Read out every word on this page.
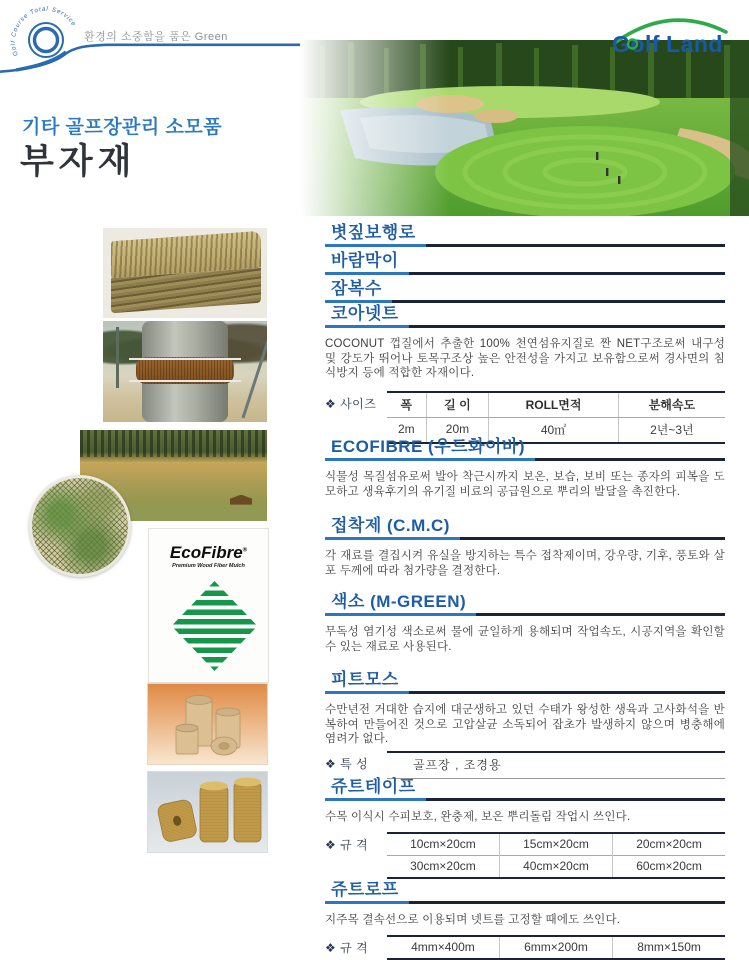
Golf Course Total Service
환경의 소중함을 품은 Green	Golf Land
기타 골프장관리 소모품
부자재
EcoFibre®
Premium Wood Fiber Mulch
볏짚보행로
바람막이
잠복수
코아넷트
COCONUT 껍질에서 추출한 100% 천연섬유지질로 짠 NET구조로써 내구성 및 강도가 뛰어나 토목구조상 높은 안전성을 가지고 보유함으로써 경사면의 침식방지 등에 적합한 자재이다.
❖ 사이즈	폭	길 이	ROLL면적	분해속도
2m	20m	40㎡	2년~3년
ECOFIBRE (우드화이바)
식물성 목질섬유로써 발아 착근시까지 보온, 보습, 보비 또는 종자의 피복을 도모하고 생육후기의 유기질 비료의 공급원으로 뿌리의 발달을 촉진한다.
접착제 (C.M.C)
각 재료를 결집시켜 유실을 방지하는 특수 접착제이며, 강우량, 기후, 풍토와 살포 두께에 따라 첨가량을 결정한다.
색소 (M-GREEN)
무독성 염기성 색소로써 물에 균일하게 용해되며 작업속도, 시공지역을 확인할 수 있는 재료로 사용된다.
피트모스
수만년전 거대한 습지에 대군생하고 있던 수태가 왕성한 생육과 고사화석을 반복하여 만들어진 것으로 고압살균 소독되어 잡초가 발생하지 않으며 병충해에 염려가 없다.
❖ 특 성	골프장 , 조경용
쥬트테이프
수목 이식시 수피보호, 완충제, 보온 뿌리돌림 작업시 쓰인다.
❖ 규 격	10cm×20cm	15cm×20cm	20cm×20cm
30cm×20cm	40cm×20cm	60cm×20cm
쥬트로프
지주목 결속선으로 이용되며 넷트를 고정할 때에도 쓰인다.
❖ 규 격	4mm×400m	6mm×200m	8mm×150m
